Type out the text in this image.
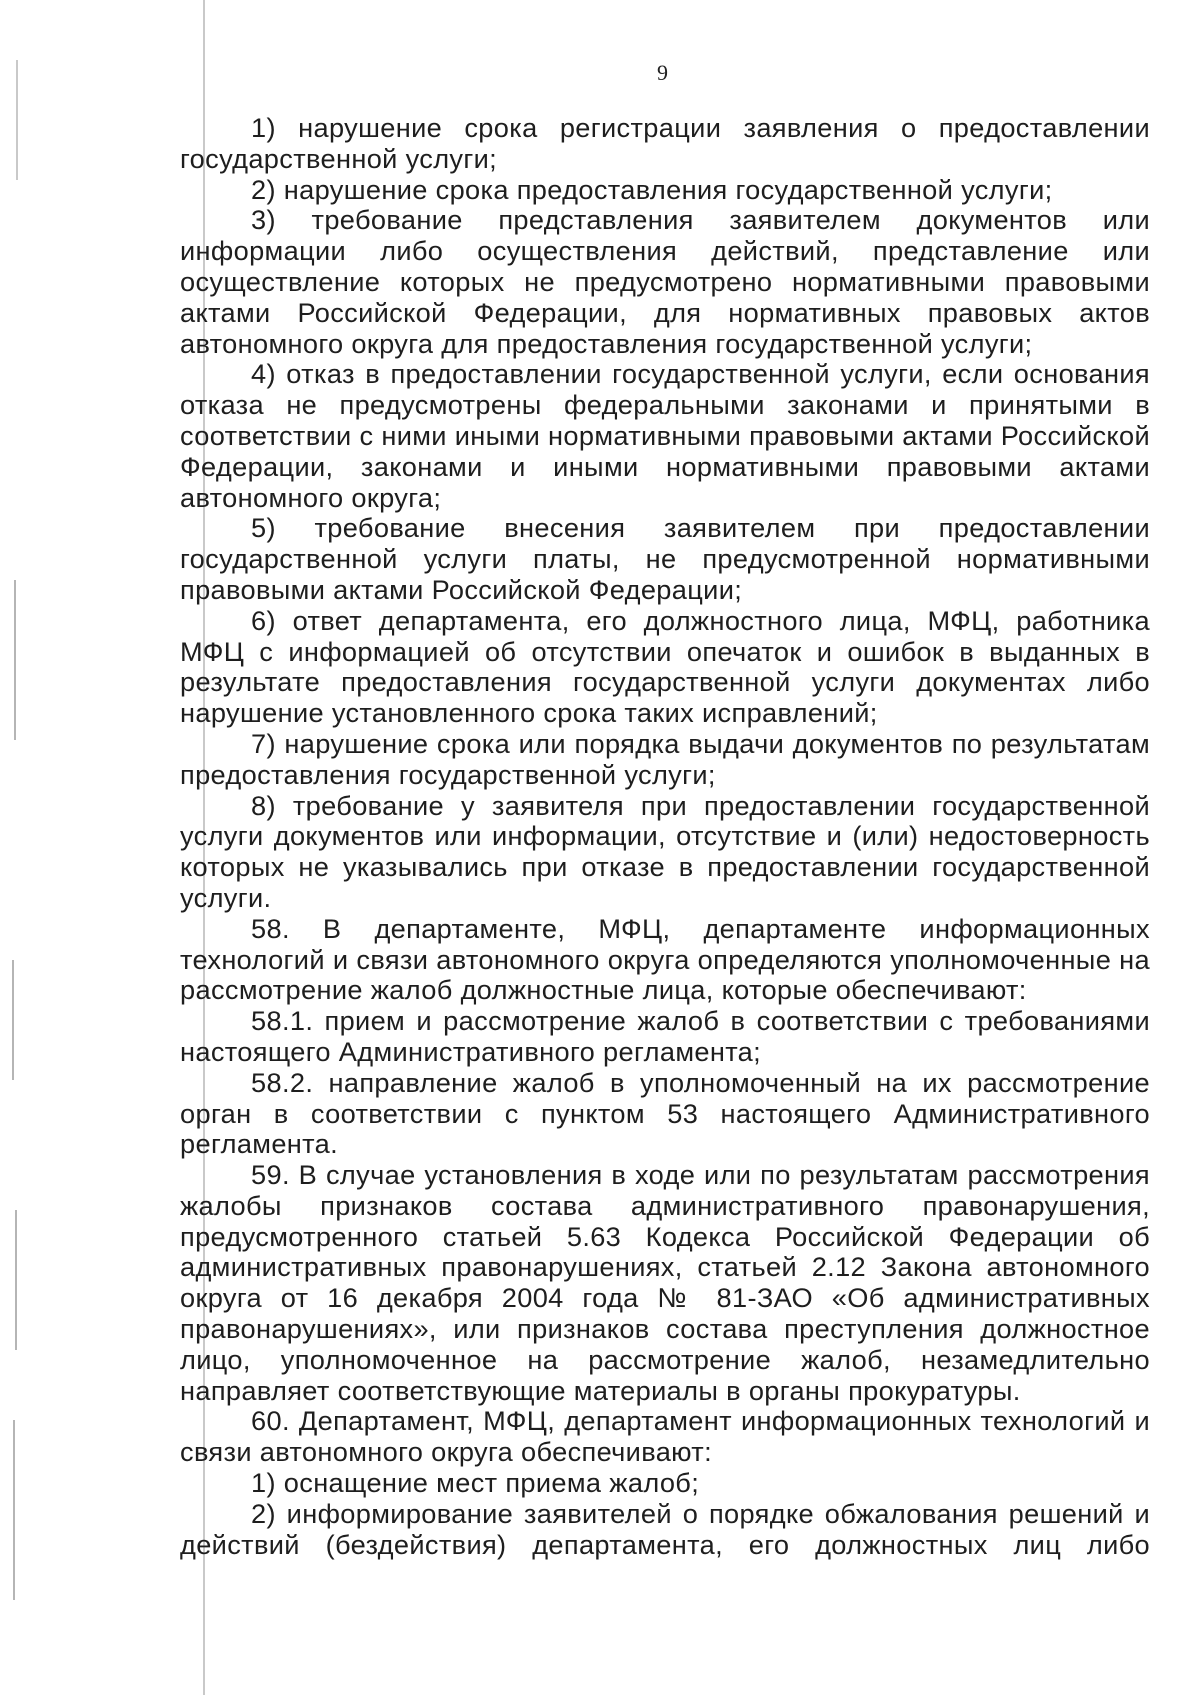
9

1) нарушение срока регистрации заявления о предоставлении государственной услуги;

2) нарушение срока предоставления государственной услуги;

3) требование представления заявителем документов или информации либо осуществления действий, представление или осуществление которых не предусмотрено нормативными правовыми актами Российской Федерации, для нормативных правовых актов автономного округа для предоставления государственной услуги;

4) отказ в предоставлении государственной услуги, если основания отказа не предусмотрены федеральными законами и принятыми в соответствии с ними иными нормативными правовыми актами Российской Федерации, законами и иными нормативными правовыми актами автономного округа;

5) требование внесения заявителем при предоставлении государственной услуги платы, не предусмотренной нормативными правовыми актами Российской Федерации;

6) ответ департамента, его должностного лица, МФЦ, работника МФЦ с информацией об отсутствии опечаток и ошибок в выданных в результате предоставления государственной услуги документах либо нарушение установленного срока таких исправлений;

7) нарушение срока или порядка выдачи документов по результатам предоставления государственной услуги;

8) требование у заявителя при предоставлении государственной услуги документов или информации, отсутствие и (или) недостоверность которых не указывались при отказе в предоставлении государственной услуги.

58. В департаменте, МФЦ, департаменте информационных технологий и связи автономного округа определяются уполномоченные на рассмотрение жалоб должностные лица, которые обеспечивают:

58.1. прием и рассмотрение жалоб в соответствии с требованиями настоящего Административного регламента;

58.2. направление жалоб в уполномоченный на их рассмотрение орган в соответствии с пунктом 53 настоящего Административного регламента.

59. В случае установления в ходе или по результатам рассмотрения жалобы признаков состава административного правонарушения, предусмотренного статьей 5.63 Кодекса Российской Федерации об административных правонарушениях, статьей 2.12 Закона автономного округа от 16 декабря 2004 года № 81-ЗАО «Об административных правонарушениях», или признаков состава преступления должностное лицо, уполномоченное на рассмотрение жалоб, незамедлительно направляет соответствующие материалы в органы прокуратуры.

60. Департамент, МФЦ, департамент информационных технологий и связи автономного округа обеспечивают:

1) оснащение мест приема жалоб;

2) информирование заявителей о порядке обжалования решений и действий (бездействия) департамента, его должностных лиц либо
